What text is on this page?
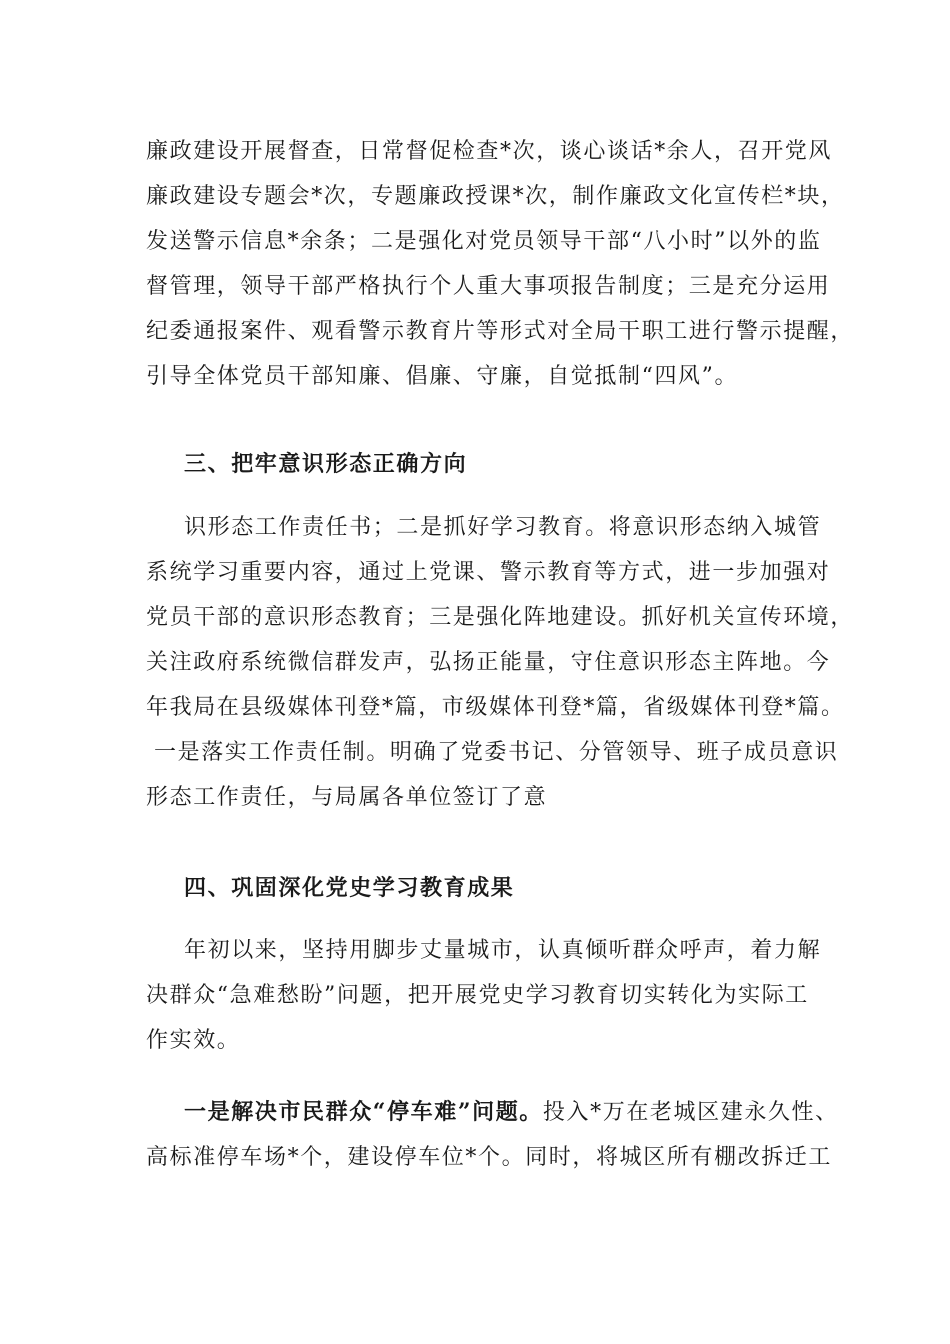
廉政建设开展督查，日常督促检查*次，谈心谈话*余人，召开党风
廉政建设专题会*次，专题廉政授课*次，制作廉政文化宣传栏*块，
发送警示信息*余条；二是强化对党员领导干部“八小时”以外的监
督管理，领导干部严格执行个人重大事项报告制度；三是充分运用
纪委通报案件、观看警示教育片等形式对全局干职工进行警示提醒，
引导全体党员干部知廉、倡廉、守廉，自觉抵制“四风”。
三、把牢意识形态正确方向
识形态工作责任书；二是抓好学习教育。将意识形态纳入城管
系统学习重要内容，通过上党课、警示教育等方式，进一步加强对
党员干部的意识形态教育；三是强化阵地建设。抓好机关宣传环境，
关注政府系统微信群发声，弘扬正能量，守住意识形态主阵地。今
年我局在县级媒体刊登*篇，市级媒体刊登*篇，省级媒体刊登*篇。
一是落实工作责任制。明确了党委书记、分管领导、班子成员意识
形态工作责任，与局属各单位签订了意
四、巩固深化党史学习教育成果
年初以来，坚持用脚步丈量城市，认真倾听群众呼声，着力解
决群众“急难愁盼”问题，把开展党史学习教育切实转化为实际工
作实效。
一是解决市民群众“停车难”问题。投入*万在老城区建永久性、
高标准停车场*个，建设停车位*个。同时，将城区所有棚改拆迁工
